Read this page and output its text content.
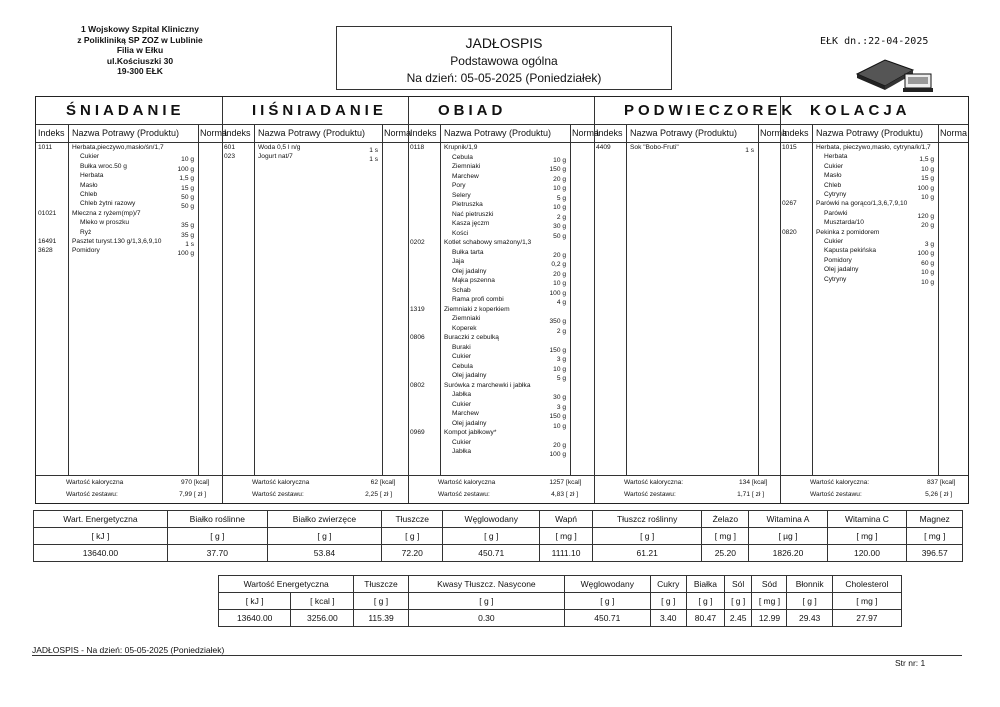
1 Wojskowy Szpital Kliniczny
z Polikliniką SP ZOZ w Lublinie
Filia w Ełku
ul.Kościuszki 30
19-300 EŁK
JADŁOSPIS
Podstawowa ogólna
Na dzień: 05-05-2025 (Poniedziałek)
EŁK dn.:22-04-2025
ŚNIADANIE
Indeks Nazwa Potrawy (Produktu) Norma
1011	Herbata,pieczywo,masło/śn/1,7
Cukier	10 g
Bułka wroc.50 g	100 g
Herbata	1,5 g
Masło	15 g
Chleb	50 g
Chleb żytni razowy	50 g
01021 Mleczna z ryżem(mp)/7
Mleko w proszku	35 g
Ryż	35 g
16491 Pasztet turyst.130 g/1,3,6,9,10	1 s
3628	Pomidory	100 g
Wartość kaloryczna	970 [kcal]
Wartość zestawu:	7,99 [ zł ]
IIŚNIADANIE
Indeks Nazwa Potrawy (Produktu) Norma
601	Woda 0,5 l n/g	1 s
023	Jogurt nat/7	1 s
Wartość kaloryczna	62 [kcal]
Wartość zestawu:	2,25 [ zł ]
OBIAD
Indeks Nazwa Potrawy (Produktu) Norma
0118	Krupnik/1,9
Cebula	10 g
Ziemniaki	150 g
Marchew	20 g
Pory	10 g
Selery	5 g
Pietruszka	10 g
Nać pietruszki	2 g
Kasza jęczm	30 g
Kości	50 g
0202	Kotlet schabowy smażony/1,3
Bułka tarta	20 g
Jaja	0,2 g
Olej jadalny	20 g
Mąka pszenna	10 g
Schab	100 g
Rama profi combi	4 g
1319	Ziemniaki z koperkiem
Ziemniaki	350 g
Koperek	2 g
0806	Buraczki z cebulką
Buraki	150 g
Cukier	3 g
Cebula	10 g
Olej jadalny	5 g
0802	Surówka z marchewki i jabłka
Jabłka	30 g
Cukier	3 g
Marchew	150 g
Olej jadalny	10 g
0969	Kompot jabłkowy*
Cukier	20 g
Jabłka	100 g
Wartość kaloryczna	1257 [kcal]
Wartość zestawu:	4,83 [ zł ]
PODWIECZOREK
Indeks Nazwa Potrawy (Produktu)	Norma
4409	Sok "Bobo-Fruti"	1 s
Wartość kaloryczna:	134 [kcal]
Wartość zestawu:	1,71 [ zł ]
KOLACJA
Indeks Nazwa Potrawy (Produktu) Norma
1015	Herbata, pieczywo,masło, cytryna/k/1,7
Herbata	1,5 g
Cukier	10 g
Masło	15 g
Chleb	100 g
Cytryny	10 g
0267	Parówki na gorąco/1,3,6,7,9,10
Parówki	120 g
Musztarda/10	20 g
0820	Pekinka z pomidorem
Cukier	3 g
Kapusta pekińska	100 g
Pomidory	60 g
Olej jadalny	10 g
Cytryny	10 g
Wartość kaloryczna:	837 [kcal]
Wartość zestawu:	5,26 [ zł ]
Wart. Energetyczna	Białko roślinne	Białko zwierzęce	Tłuszcze	Węglowodany	Wapń	Tłuszcz roślinny	Żelazo	Witamina A	Witamina C	Magnez
[ kJ ]	[ g ]	[ g ]	[ g ]	[ g ]	[ mg ]	[ g ]	[ mg ]	[ µg ]	[ mg ]	[ mg ]
13640.00	37.70	53.84	72.20	450.71	1111.10	61.21	25.20	1826.20	120.00	396.57
Wartość Energetyczna		Tłuszcze	Kwasy Tłuszcz. Nasycone	Węglowodany	Cukry	Białka	Sól	Sód	Błonnik	Cholesterol
[ kJ ]	[ kcal ]	[ g ]	[ g ]	[ g ]	[ g ]	[ g ]	[ g ]	[ mg ]	[ g ]	[ mg ]
13640.00	3256.00	115.39	0.30	450.71	3.40	80.47	2.45	12.99	29.43	27.97
JADŁOSPIS - Na dzień: 05-05-2025 (Poniedziałek)
Str nr: 1
